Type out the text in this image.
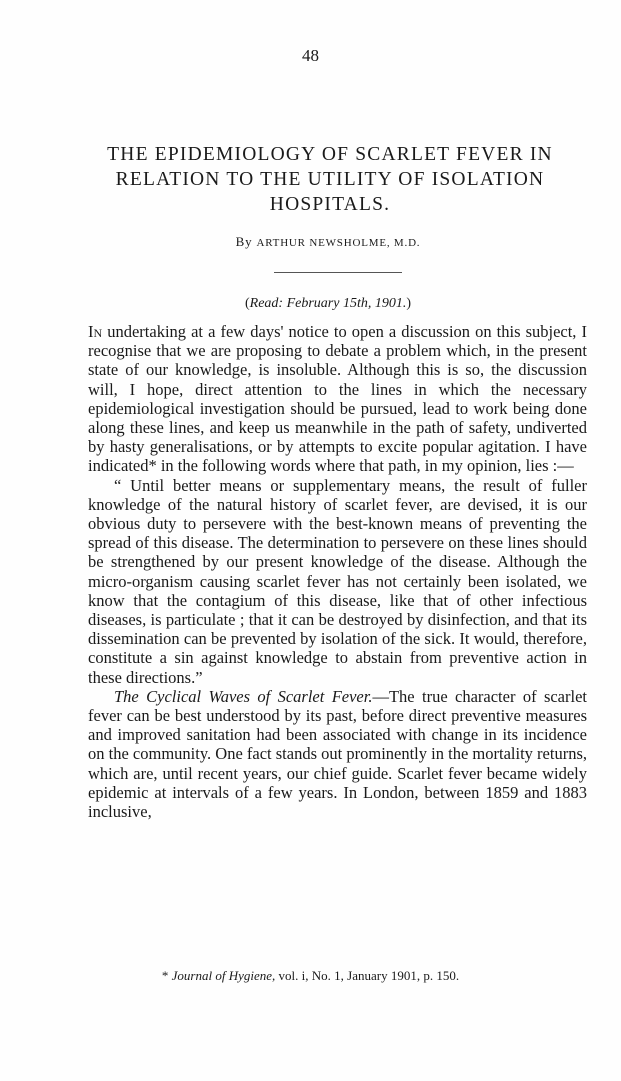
48
THE EPIDEMIOLOGY OF SCARLET FEVER IN RELATION TO THE UTILITY OF ISOLATION HOSPITALS.
By ARTHUR NEWSHOLME, M.D.
(Read: February 15th, 1901.)

In undertaking at a few days' notice to open a discussion on this subject, I recognise that we are proposing to debate a problem which, in the present state of our knowledge, is insoluble. Although this is so, the discussion will, I hope, direct attention to the lines in which the necessary epidemiological investigation should be pursued, lead to work being done along these lines, and keep us meanwhile in the path of safety, undiverted by hasty generalisations, or by attempts to excite popular agitation. I have indicated* in the following words where that path, in my opinion, lies :—

“ Until better means or supplementary means, the result of fuller knowledge of the natural history of scarlet fever, are devised, it is our obvious duty to persevere with the best-known means of preventing the spread of this disease. The determination to persevere on these lines should be strengthened by our present knowledge of the disease. Although the micro-organism causing scarlet fever has not certainly been isolated, we know that the contagium of this disease, like that of other infectious diseases, is particulate ; that it can be destroyed by disinfection, and that its dissemination can be prevented by isolation of the sick. It would, therefore, constitute a sin against knowledge to abstain from preventive action in these directions.”

The Cyclical Waves of Scarlet Fever.—The true character of scarlet fever can be best understood by its past, before direct preventive measures and improved sanitation had been associated with change in its incidence on the community. One fact stands out prominently in the mortality returns, which are, until recent years, our chief guide. Scarlet fever became widely epidemic at intervals of a few years. In London, between 1859 and 1883 inclusive,

* Journal of Hygiene, vol. i, No. 1, January 1901, p. 150.
